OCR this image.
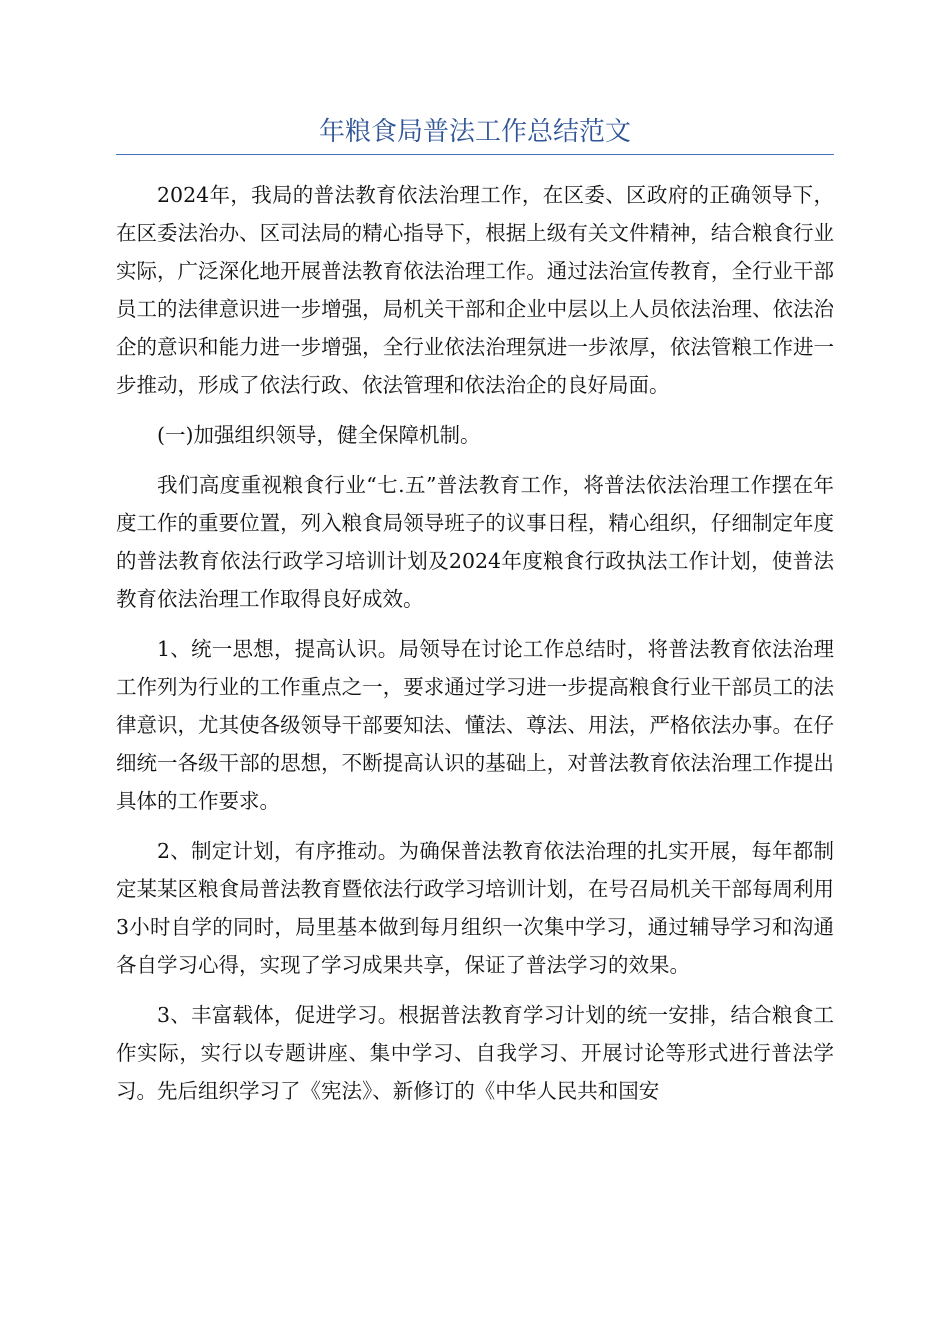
年粮食局普法工作总结范文

2024年，我局的普法教育依法治理工作，在区委、区政府的正确领导下，在区委法治办、区司法局的精心指导下，根据上级有关文件精神，结合粮食行业实际，广泛深化地开展普法教育依法治理工作。通过法治宣传教育，全行业干部员工的法律意识进一步增强，局机关干部和企业中层以上人员依法治理、依法治企的意识和能力进一步增强，全行业依法治理氛进一步浓厚，依法管粮工作进一步推动，形成了依法行政、依法管理和依法治企的良好局面。

(一)加强组织领导，健全保障机制。

我们高度重视粮食行业“七.五”普法教育工作，将普法依法治理工作摆在年度工作的重要位置，列入粮食局领导班子的议事日程，精心组织，仔细制定年度的普法教育依法行政学习培训计划及2024年度粮食行政执法工作计划，使普法教育依法治理工作取得良好成效。

1、统一思想，提高认识。局领导在讨论工作总结时，将普法教育依法治理工作列为行业的工作重点之一，要求通过学习进一步提高粮食行业干部员工的法律意识，尤其使各级领导干部要知法、懂法、尊法、用法，严格依法办事。在仔细统一各级干部的思想，不断提高认识的基础上，对普法教育依法治理工作提出具体的工作要求。

2、制定计划，有序推动。为确保普法教育依法治理的扎实开展，每年都制定某某区粮食局普法教育暨依法行政学习培训计划，在号召局机关干部每周利用3小时自学的同时，局里基本做到每月组织一次集中学习，通过辅导学习和沟通各自学习心得，实现了学习成果共享，保证了普法学习的效果。

3、丰富载体，促进学习。根据普法教育学习计划的统一安排，结合粮食工作实际，实行以专题讲座、集中学习、自我学习、开展讨论等形式进行普法学习。先后组织学习了《宪法》、新修订的《中华人民共和国安
